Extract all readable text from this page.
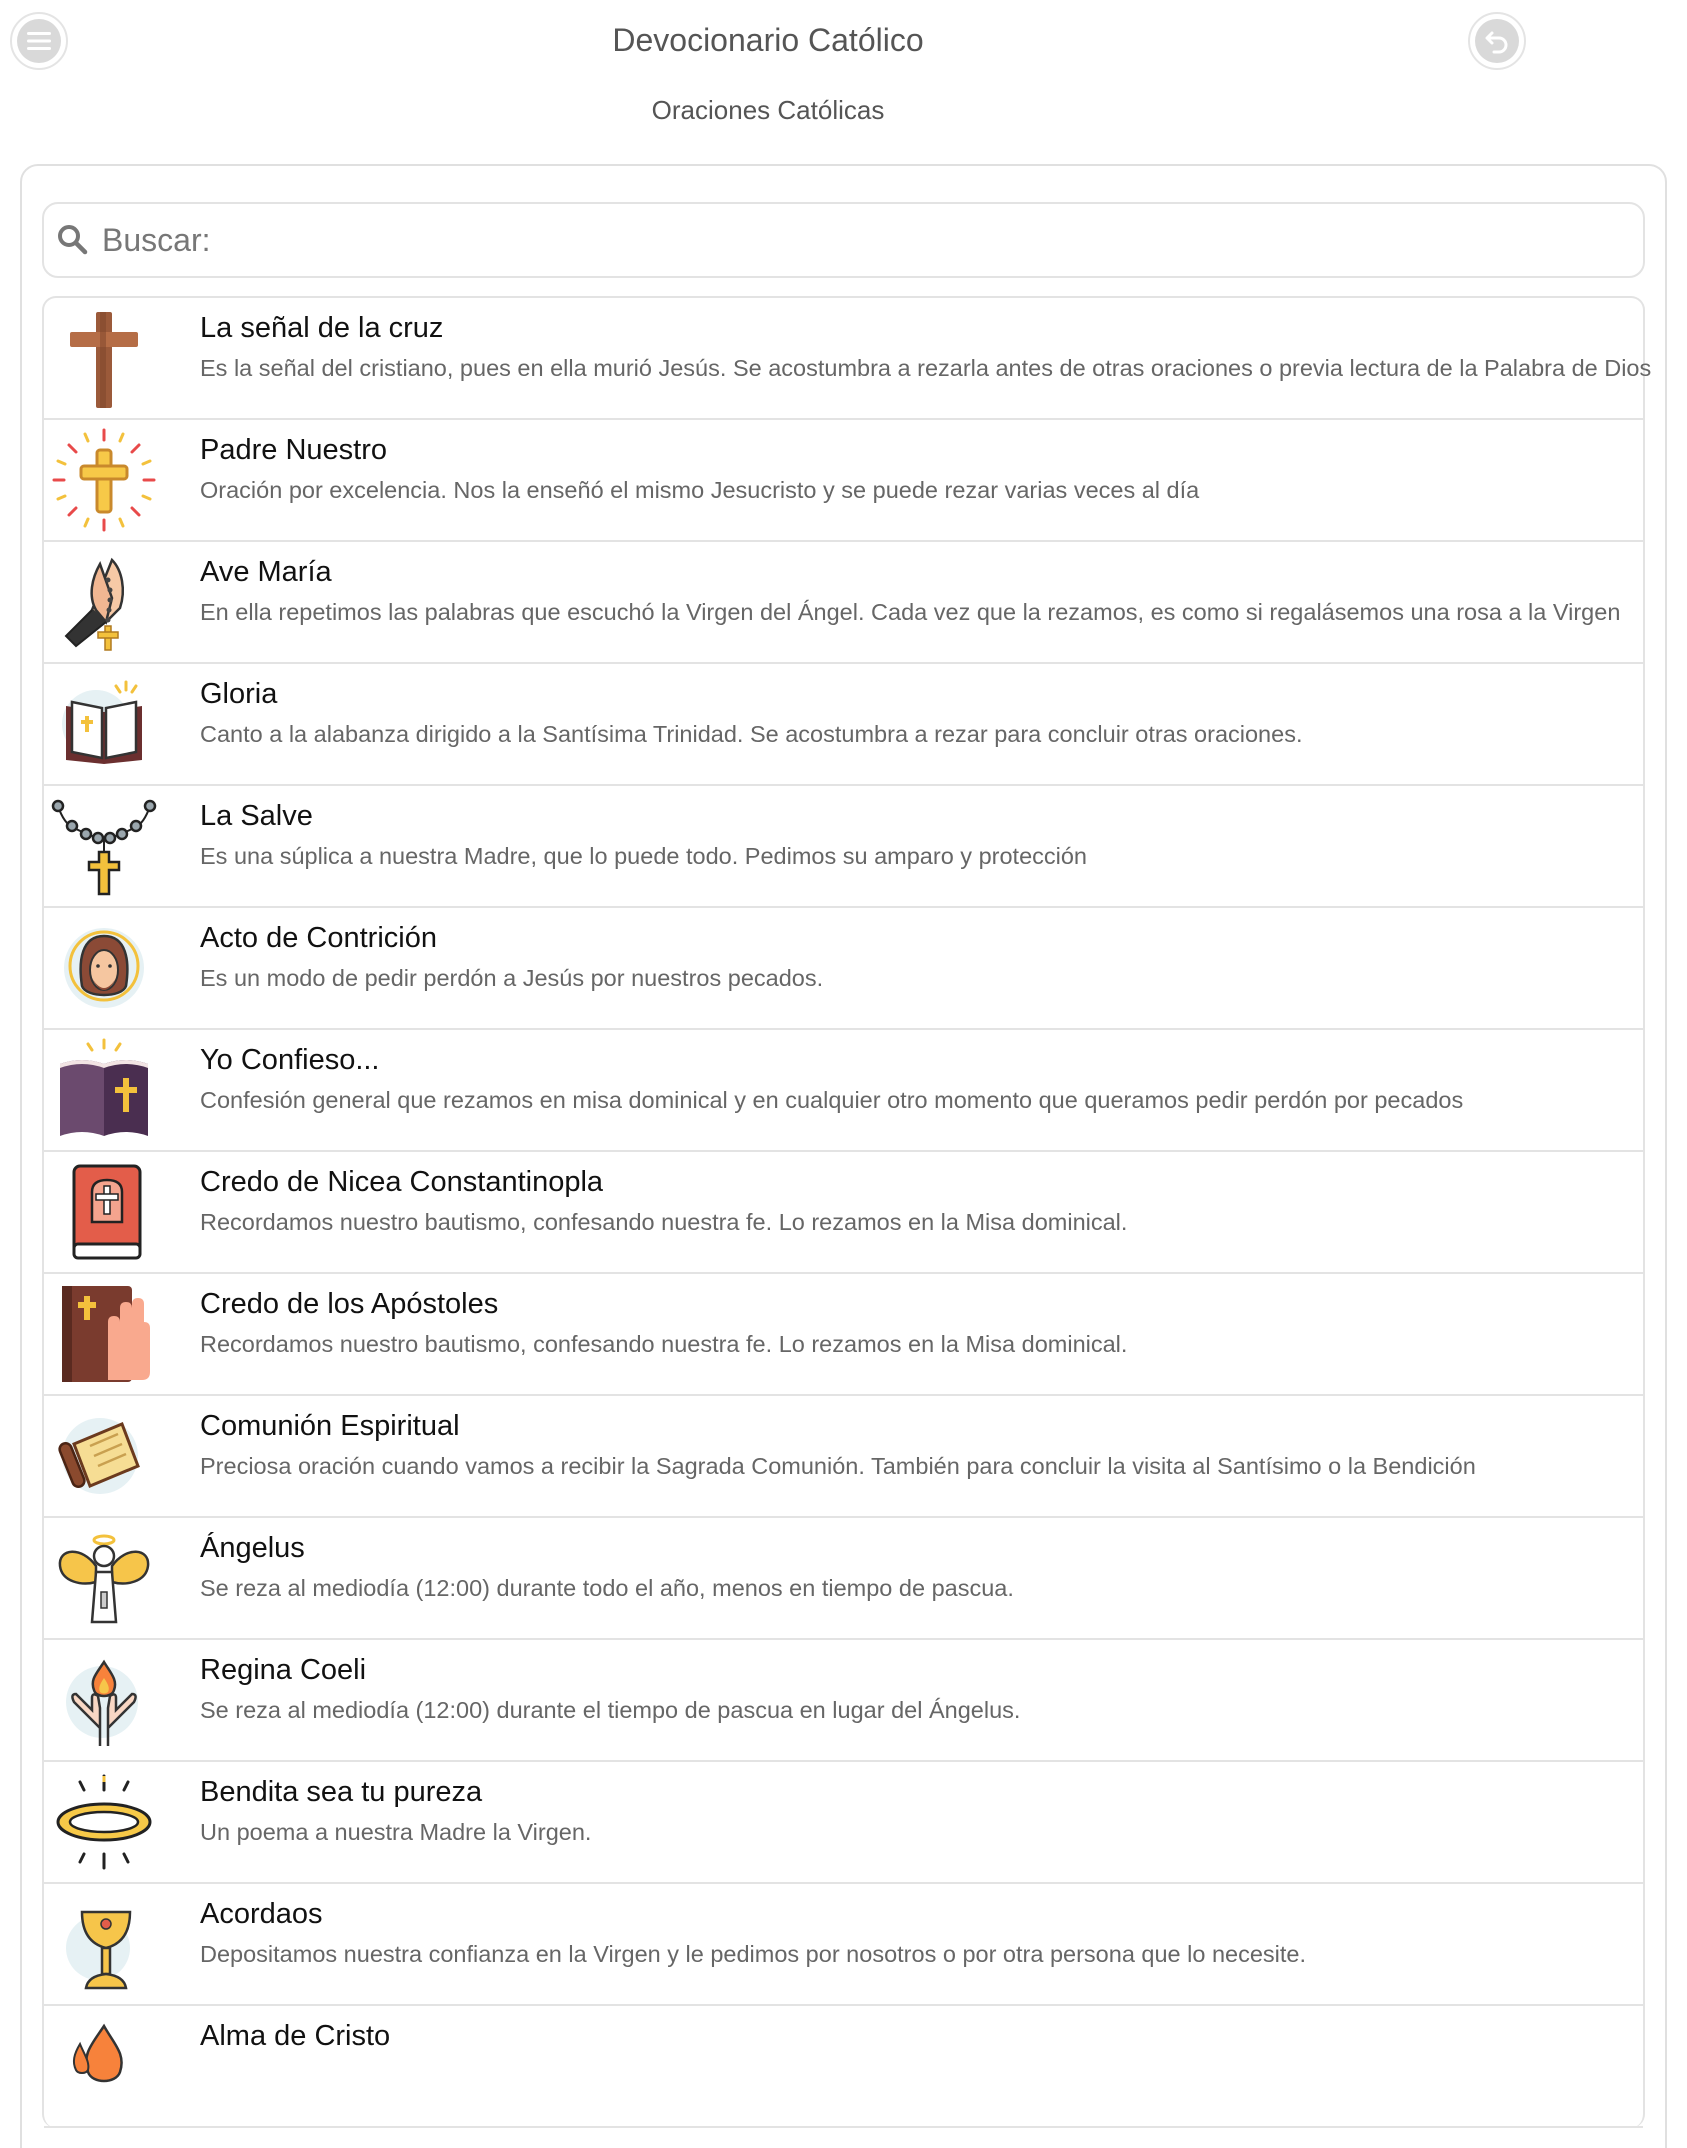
Devocionario Católico
Oraciones Católicas
Buscar:
La señal de la cruz
Es la señal del cristiano, pues en ella murió Jesús. Se acostumbra a rezarla antes de otras oraciones o previa lectura de la Palabra de Dios
Padre Nuestro
Oración por excelencia. Nos la enseñó el mismo Jesucristo y se puede rezar varias veces al día
Ave María
En ella repetimos las palabras que escuchó la Virgen del Ángel. Cada vez que la rezamos, es como si regalásemos una rosa a la Virgen
Gloria
Canto a la alabanza dirigido a la Santísima Trinidad. Se acostumbra a rezar para concluir otras oraciones.
La Salve
Es una súplica a nuestra Madre, que lo puede todo. Pedimos su amparo y protección
Acto de Contrición
Es un modo de pedir perdón a Jesús por nuestros pecados.
Yo Confieso...
Confesión general que rezamos en misa dominical y en cualquier otro momento que queramos pedir perdón por pecados
Credo de Nicea Constantinopla
Recordamos nuestro bautismo, confesando nuestra fe. Lo rezamos en la Misa dominical.
Credo de los Apóstoles
Recordamos nuestro bautismo, confesando nuestra fe. Lo rezamos en la Misa dominical.
Comunión Espiritual
Preciosa oración cuando vamos a recibir la Sagrada Comunión. También para concluir la visita al Santísimo o la Bendición
Ángelus
Se reza al mediodía (12:00) durante todo el año, menos en tiempo de pascua.
Regina Coeli
Se reza al mediodía (12:00) durante el tiempo de pascua en lugar del Ángelus.
Bendita sea tu pureza
Un poema a nuestra Madre la Virgen.
Acordaos
Depositamos nuestra confianza en la Virgen y le pedimos por nosotros o por otra persona que lo necesite.
Alma de Cristo
